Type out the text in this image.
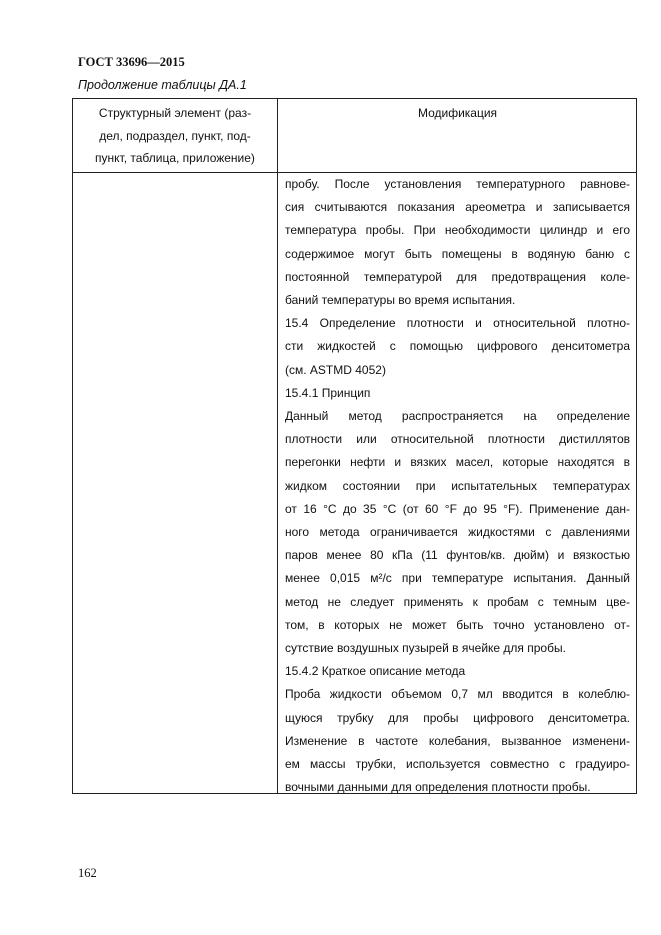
ГОСТ 33696—2015
Продолжение таблицы ДА.1
Структурный элемент (раз-
дел, подраздел, пункт, под-
пункт, таблица, приложение)
Модификация
пробу. После установления температурного равнове-
сия считываются показания ареометра и записывается
температура пробы. При необходимости цилиндр и его
содержимое могут быть помещены в водяную баню с
постоянной температурой для предотвращения коле-
баний температуры во время испытания.
15.4 Определение плотности и относительной плотно-
сти жидкостей с помощью цифрового денситометра
(см. ASTMD 4052)
15.4.1 Принцип
Данный метод распространяется на определение
плотности или относительной плотности дистиллятов
перегонки нефти и вязких масел, которые находятся в
жидком состоянии при испытательных температурах
от 16 °С до 35 °С (от 60 °F до 95 °F). Применение дан-
ного метода ограничивается жидкостями с давлениями
паров менее 80 кПа (11 фунтов/кв. дюйм) и вязкостью
менее 0,015 м²/с при температуре испытания. Данный
метод не следует применять к пробам с темным цве-
том, в которых не может быть точно установлено от-
сутствие воздушных пузырей в ячейке для пробы.
15.4.2 Краткое описание метода
Проба жидкости объемом 0,7 мл вводится в колеблю-
щуюся трубку для пробы цифрового денситометра.
Изменение в частоте колебания, вызванное изменени-
ем массы трубки, используется совместно с градуиро-
вочными данными для определения плотности пробы.
162
